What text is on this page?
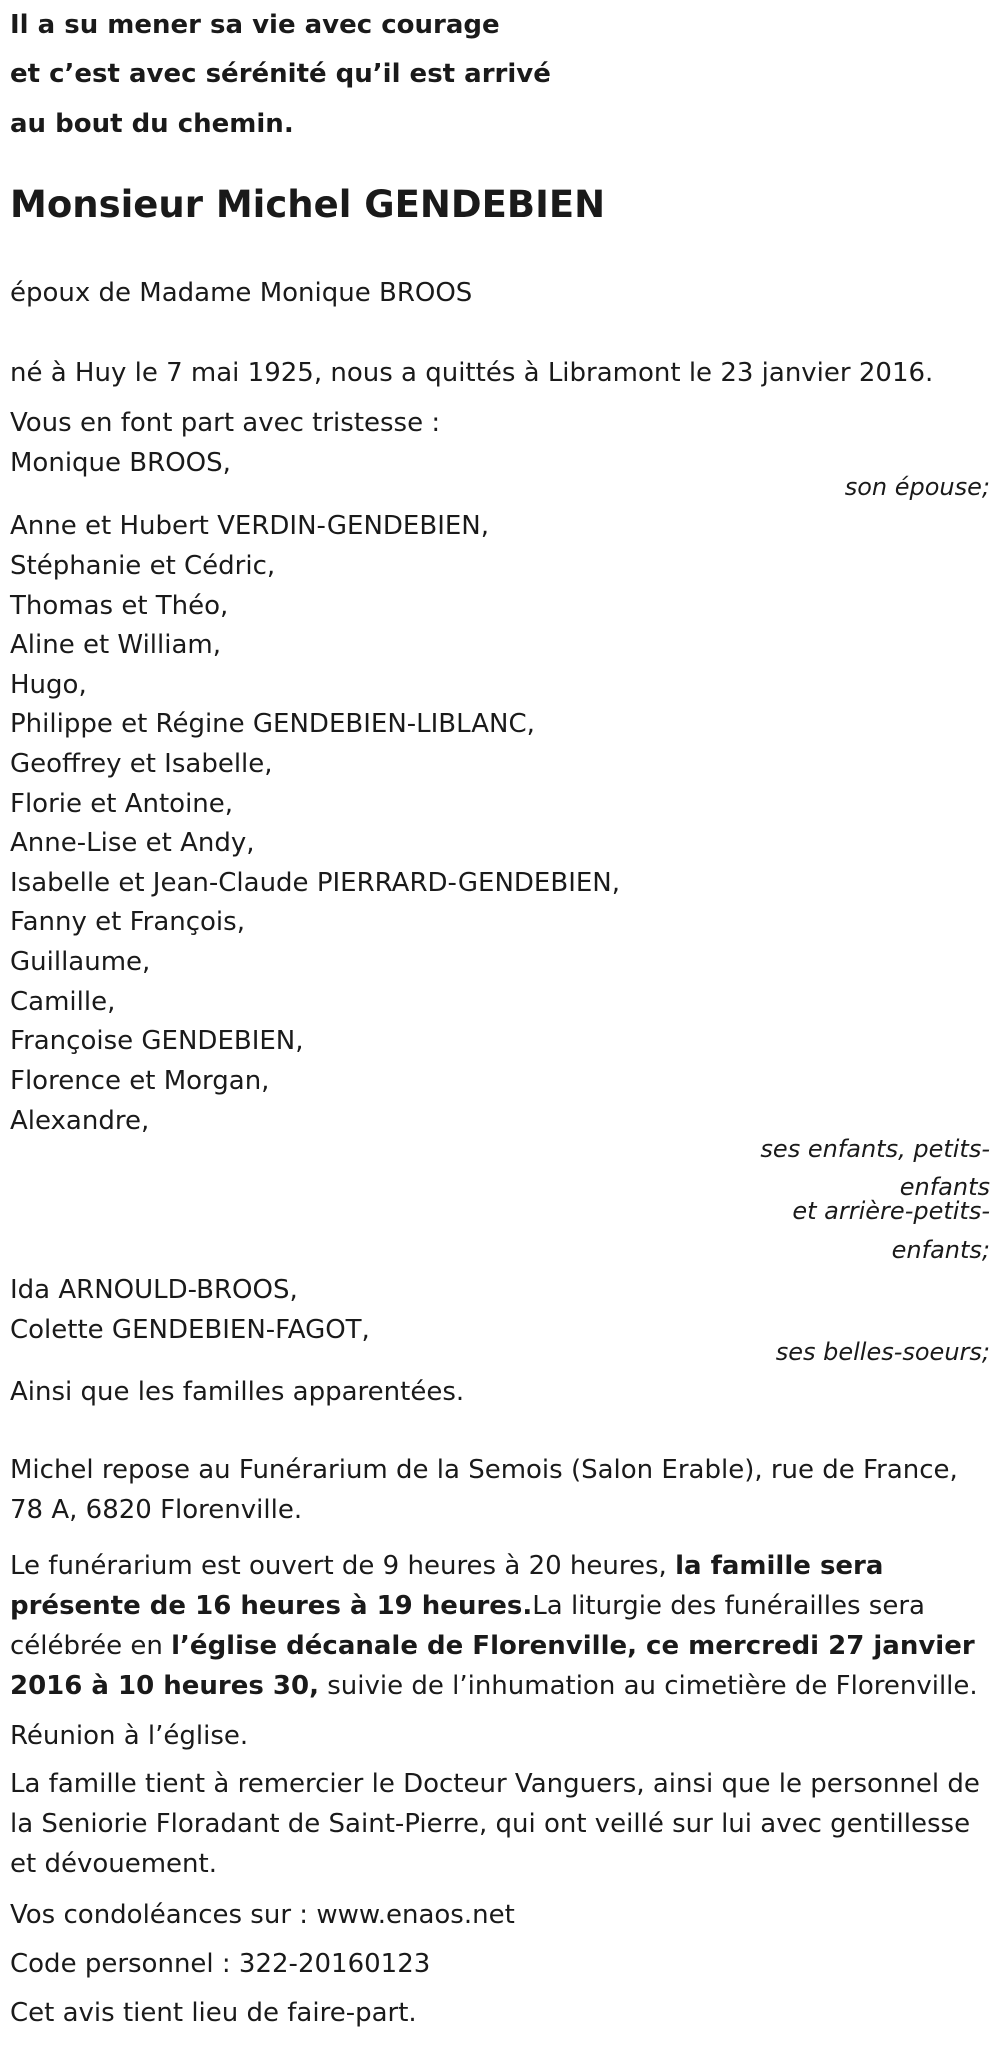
Il a su mener sa vie avec courage
et c’est avec sérénité qu’il est arrivé
au bout du chemin.
Monsieur Michel GENDEBIEN
époux de Madame Monique BROOS
né à Huy le 7 mai 1925, nous a quittés à Libramont le 23 janvier 2016.
Vous en font part avec tristesse :
Monique BROOS,
son épouse;
Anne et Hubert VERDIN-GENDEBIEN,
Stéphanie et Cédric,
Thomas et Théo,
Aline et William,
Hugo,
Philippe et Régine GENDEBIEN-LIBLANC,
Geoffrey et Isabelle,
Florie et Antoine,
Anne-Lise et Andy,
Isabelle et Jean-Claude PIERRARD-GENDEBIEN,
Fanny et François,
Guillaume,
Camille,
Françoise GENDEBIEN,
Florence et Morgan,
Alexandre,
ses enfants, petits-
enfants
et arrière-petits-
enfants;
Ida ARNOULD-BROOS,
Colette GENDEBIEN-FAGOT,
ses belles-soeurs;
Ainsi que les familles apparentées.
Michel repose au Funérarium de la Semois (Salon Erable), rue de France, 78 A, 6820 Florenville.
Le funérarium est ouvert de 9 heures à 20 heures, la famille sera présente de 16 heures à 19 heures.La liturgie des funérailles sera célébrée en l’église décanale de Florenville, ce mercredi 27 janvier 2016 à 10 heures 30, suivie de l’inhumation au cimetière de Florenville.
Réunion à l’église.
La famille tient à remercier le Docteur Vanguers, ainsi que le personnel de la Seniorie Floradant de Saint-Pierre, qui ont veillé sur lui avec gentillesse et dévouement.
Vos condoléances sur : www.enaos.net
Code personnel : 322-20160123
Cet avis tient lieu de faire-part.
